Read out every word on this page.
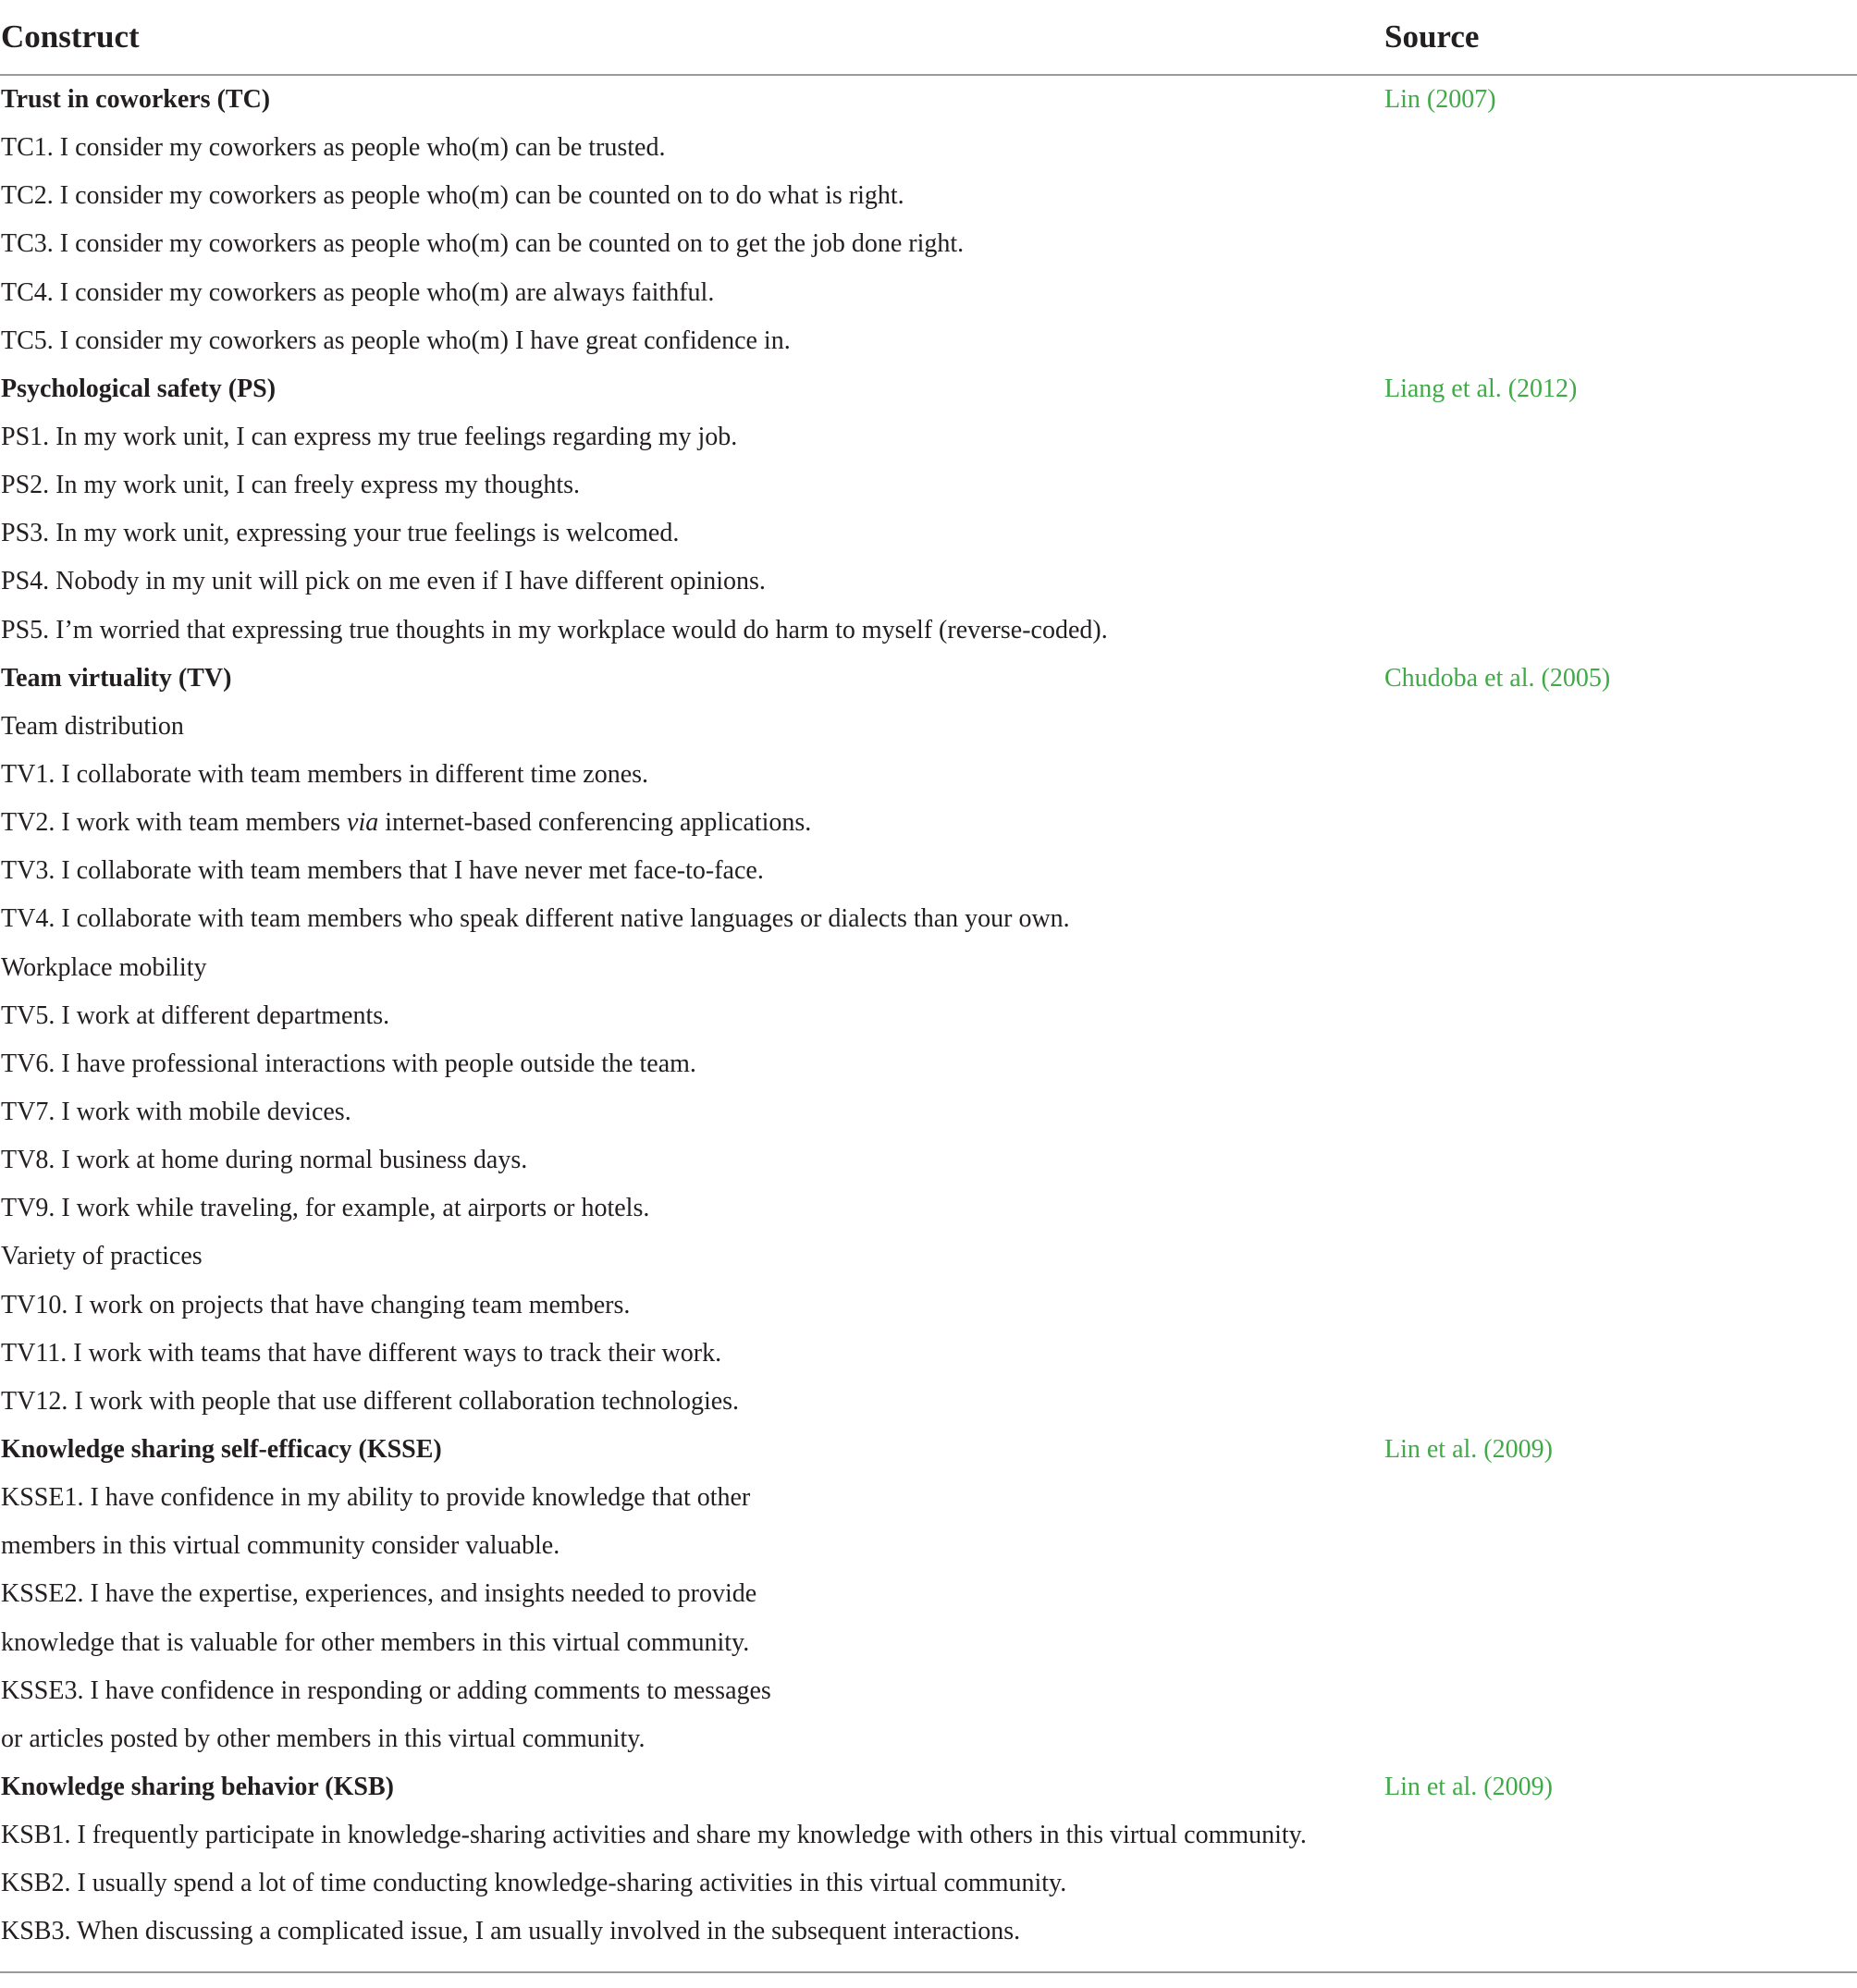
Construct	Source
Trust in coworkers (TC)	Lin (2007)
TC1. I consider my coworkers as people who(m) can be trusted.
TC2. I consider my coworkers as people who(m) can be counted on to do what is right.
TC3. I consider my coworkers as people who(m) can be counted on to get the job done right.
TC4. I consider my coworkers as people who(m) are always faithful.
TC5. I consider my coworkers as people who(m) I have great confidence in.
Psychological safety (PS)	Liang et al. (2012)
PS1. In my work unit, I can express my true feelings regarding my job.
PS2. In my work unit, I can freely express my thoughts.
PS3. In my work unit, expressing your true feelings is welcomed.
PS4. Nobody in my unit will pick on me even if I have different opinions.
PS5. I’m worried that expressing true thoughts in my workplace would do harm to myself (reverse-coded).
Team virtuality (TV)	Chudoba et al. (2005)
Team distribution
TV1. I collaborate with team members in different time zones.
TV2. I work with team members via internet-based conferencing applications.
TV3. I collaborate with team members that I have never met face-to-face.
TV4. I collaborate with team members who speak different native languages or dialects than your own.
Workplace mobility
TV5. I work at different departments.
TV6. I have professional interactions with people outside the team.
TV7. I work with mobile devices.
TV8. I work at home during normal business days.
TV9. I work while traveling, for example, at airports or hotels.
Variety of practices
TV10. I work on projects that have changing team members.
TV11. I work with teams that have different ways to track their work.
TV12. I work with people that use different collaboration technologies.
Knowledge sharing self-efficacy (KSSE)	Lin et al. (2009)
KSSE1. I have confidence in my ability to provide knowledge that other
members in this virtual community consider valuable.
KSSE2. I have the expertise, experiences, and insights needed to provide
knowledge that is valuable for other members in this virtual community.
KSSE3. I have confidence in responding or adding comments to messages
or articles posted by other members in this virtual community.
Knowledge sharing behavior (KSB)	Lin et al. (2009)
KSB1. I frequently participate in knowledge-sharing activities and share my knowledge with others in this virtual community.
KSB2. I usually spend a lot of time conducting knowledge-sharing activities in this virtual community.
KSB3. When discussing a complicated issue, I am usually involved in the subsequent interactions.
